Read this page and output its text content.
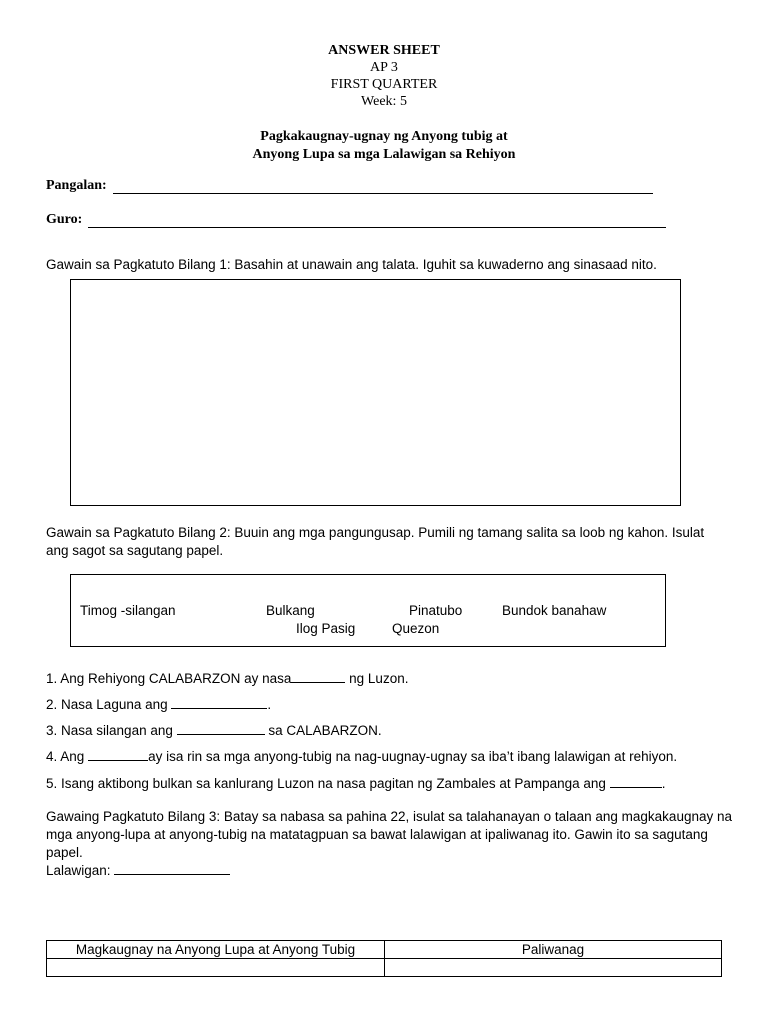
ANSWER SHEET
AP 3
FIRST QUARTER
Week: 5
Pagkakaugnay-ugnay ng Anyong tubig at
Anyong Lupa sa mga Lalawigan sa Rehiyon
Pangalan:
Guro:
Gawain sa Pagkatuto Bilang 1: Basahin at unawain ang talata. Iguhit sa kuwaderno ang sinasaad nito.
Gawain sa Pagkatuto Bilang 2: Buuin ang mga pangungusap. Pumili ng tamang salita sa loob ng kahon. Isulat ang sagot sa sagutang papel.
Timog -silangan	Bulkang	Pinatubo	Bundok banahaw
Ilog Pasig	Quezon
1. Ang Rehiyong CALABARZON ay nasa	ng Luzon.
2. Nasa Laguna ang	.
3. Nasa silangan ang	sa CALABARZON.
4. Ang	ay isa rin sa mga anyong-tubig na nag-uugnay-ugnay sa iba’t ibang lalawigan at rehiyon.
5. Isang aktibong bulkan sa kanlurang Luzon na nasa pagitan ng Zambales at Pampanga ang	.
Gawaing Pagkatuto Bilang 3: Batay sa nabasa sa pahina 22, isulat sa talahanayan o talaan ang magkakaugnay na mga anyong-lupa at anyong-tubig na matatagpuan sa bawat lalawigan at ipaliwanag ito. Gawin ito sa sagutang papel.
Lalawigan:
Magkaugnay na Anyong Lupa at Anyong Tubig	Paliwanag
